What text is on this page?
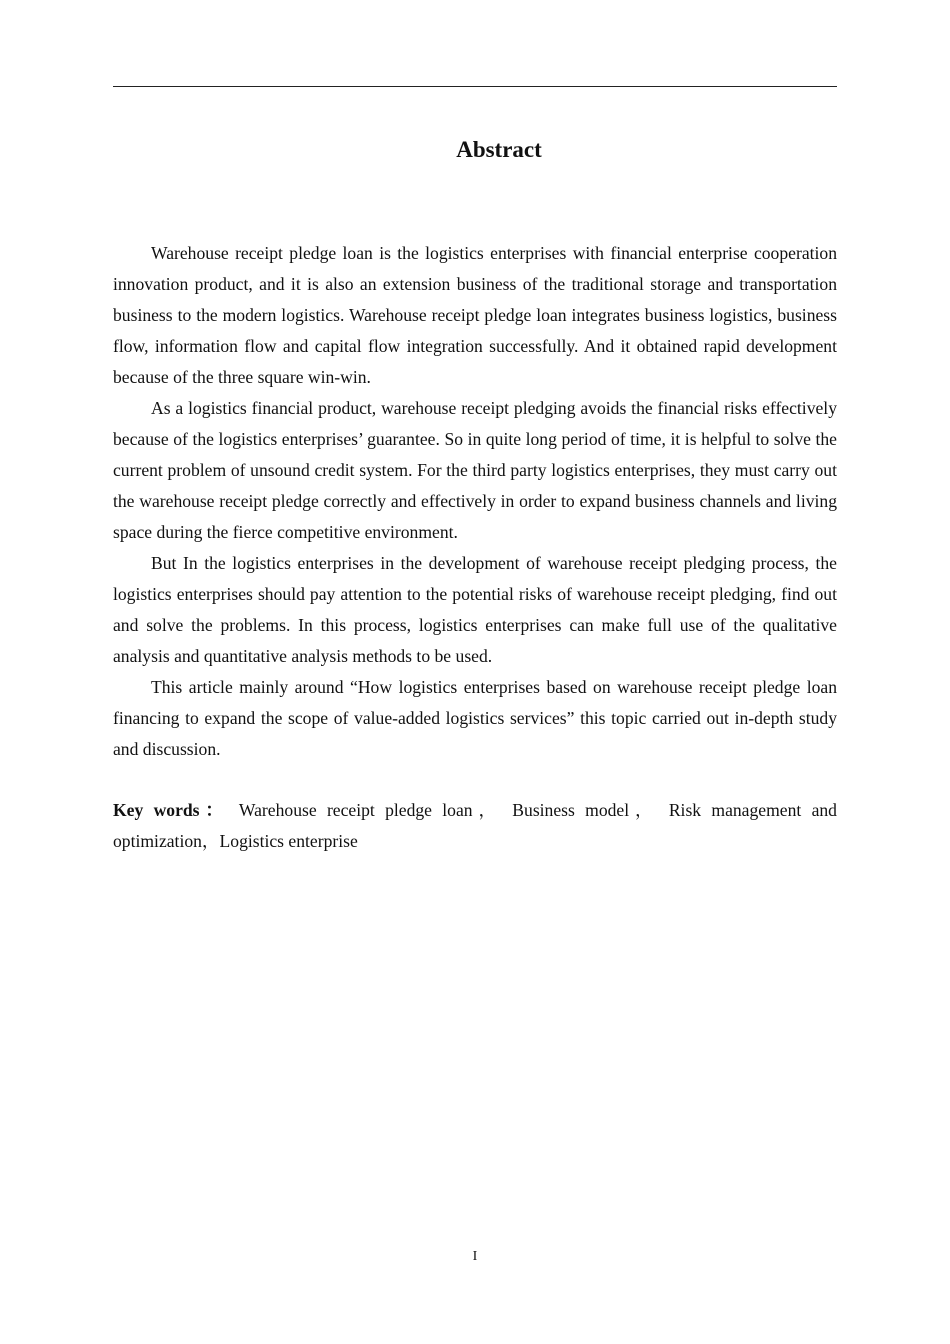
Abstract

Warehouse receipt pledge loan is the logistics enterprises with financial enterprise cooperation innovation product, and it is also an extension business of the traditional storage and transportation business to the modern logistics. Warehouse receipt pledge loan integrates business logistics, business flow, information flow and capital flow integration successfully. And it obtained rapid development because of the three square win-win.

As a logistics financial product, warehouse receipt pledging avoids the financial risks effectively because of the logistics enterprises’ guarantee. So in quite long period of time, it is helpful to solve the current problem of unsound credit system. For the third party logistics enterprises, they must carry out the warehouse receipt pledge correctly and effectively in order to expand business channels and living space during the fierce competitive environment.

But In the logistics enterprises in the development of warehouse receipt pledging process, the logistics enterprises should pay attention to the potential risks of warehouse receipt pledging, find out and solve the problems. In this process, logistics enterprises can make full use of the qualitative analysis and quantitative analysis methods to be used.

This article mainly around “How logistics enterprises based on warehouse receipt pledge loan financing to expand the scope of value-added logistics services” this topic carried out in-depth study and discussion.

Key words： Warehouse receipt pledge loan， Business model， Risk management and optimization，Logistics enterprise

I
